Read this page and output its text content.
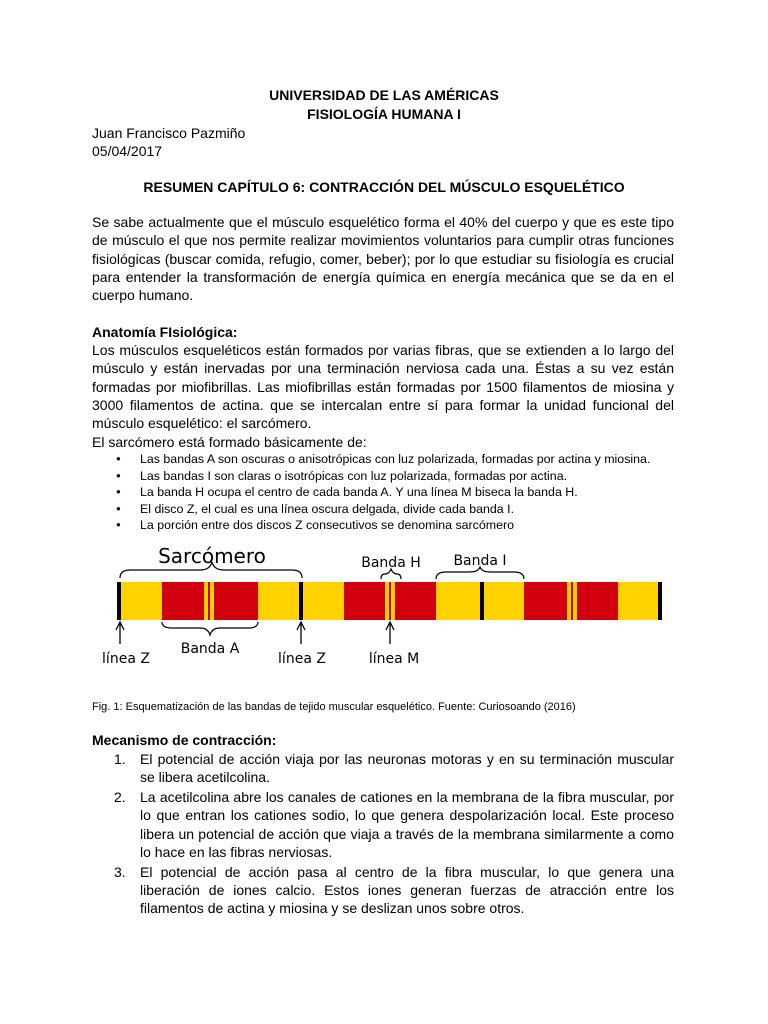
UNIVERSIDAD DE LAS AMÉRICAS
FISIOLOGÍA HUMANA I
Juan Francisco Pazmiño
05/04/2017
RESUMEN CAPÍTULO 6: CONTRACCIÓN DEL MÚSCULO ESQUELÉTICO
Se sabe actualmente que el músculo esquelético forma el 40% del cuerpo y que es este tipo de músculo el que nos permite realizar movimientos voluntarios para cumplir otras funciones fisiológicas (buscar comida, refugio, comer, beber); por lo que estudiar su fisiología es crucial para entender la transformación de energía química en energía mecánica que se da en el cuerpo humano.
Anatomía FIsiológica:
Los músculos esqueléticos están formados por varias fibras, que se extienden a lo largo del músculo y están inervadas por una terminación nerviosa cada una. Éstas a su vez están formadas por miofibrillas. Las miofibrillas están formadas por 1500 filamentos de miosina y 3000 filamentos de actina. que se intercalan entre sí para formar la unidad funcional del músculo esquelético: el sarcómero.
El sarcómero está formado básicamente de:
● Las bandas A son oscuras o anisotrópicas con luz polarizada, formadas por actina y miosina.
● Las bandas I son claras o isotrópicas con luz polarizada, formadas por actina.
● La banda H ocupa el centro de cada banda A. Y una línea M biseca la banda H.
● El disco Z, el cual es una línea oscura delgada, divide cada banda I.
● La porción entre dos discos Z consecutivos se denomina sarcómero
Sarcómero	Banda H Banda I
Banda A
línea Z	línea Z	línea M
Fig. 1: Esquematización de las bandas de tejido muscular esquelético. Fuente: Curiosoando (2016)
Mecanismo de contracción:
1. El potencial de acción viaja por las neuronas motoras y en su terminación muscular se libera acetilcolina.
2. La acetilcolina abre los canales de cationes en la membrana de la fibra muscular, por lo que entran los cationes sodio, lo que genera despolarización local. Este proceso libera un potencial de acción que viaja a través de la membrana similarmente a como lo hace en las fibras nerviosas.
3. El potencial de acción pasa al centro de la fibra muscular, lo que genera una liberación de iones calcio. Estos iones generan fuerzas de atracción entre los filamentos de actina y miosina y se deslizan unos sobre otros.
